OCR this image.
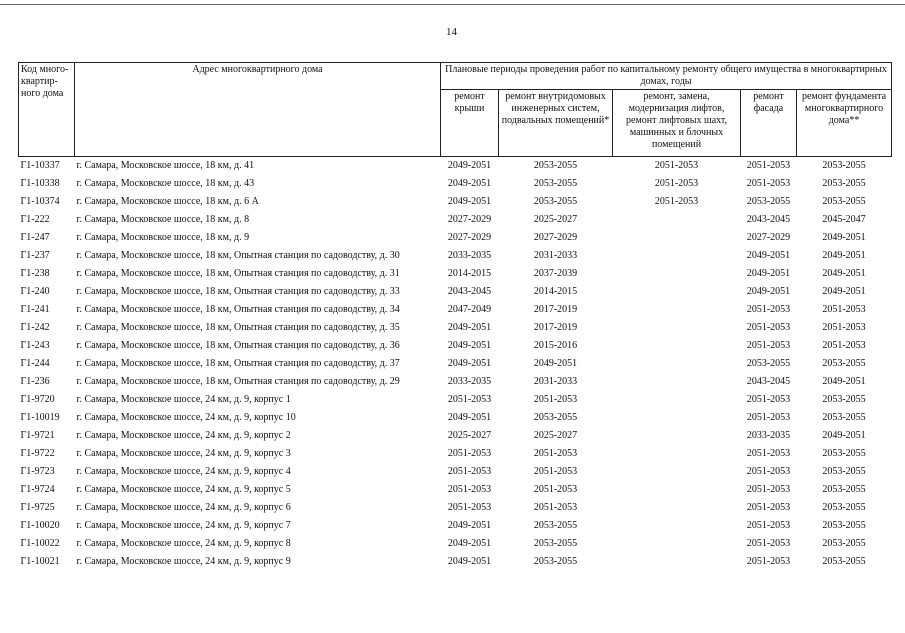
14
Код много-квартир-ного дома	Адрес многоквартирного дома	Плановые периоды проведения работ по капитальному ремонту общего имущества в многоквартирных домах, годы				
		ремонт крыши	ремонт внутридомовых инженерных систем, подвальных помещений*	ремонт, замена, модернизация лифтов, ремонт лифтовых шахт, машинных и блочных помещений	ремонт фасада	ремонт фундамента многоквартирного дома**
Г1-10337	г. Самара, Московское шоссе, 18 км, д. 41	2049-2051	2053-2055	2051-2053	2051-2053	2053-2055
Г1-10338	г. Самара, Московское шоссе, 18 км, д. 43	2049-2051	2053-2055	2051-2053	2051-2053	2053-2055
Г1-10374	г. Самара, Московское шоссе, 18 км, д. 6 А	2049-2051	2053-2055	2051-2053	2053-2055	2053-2055
Г1-222	г. Самара, Московское шоссе, 18 км, д. 8	2027-2029	2025-2027		2043-2045	2045-2047
Г1-247	г. Самара, Московское шоссе, 18 км, д. 9	2027-2029	2027-2029		2027-2029	2049-2051
Г1-237	г. Самара, Московское шоссе, 18 км, Опытная станция по садоводству, д. 30	2033-2035	2031-2033		2049-2051	2049-2051
Г1-238	г. Самара, Московское шоссе, 18 км, Опытная станция по садоводству, д. 31	2014-2015	2037-2039		2049-2051	2049-2051
Г1-240	г. Самара, Московское шоссе, 18 км, Опытная станция по садоводству, д. 33	2043-2045	2014-2015		2049-2051	2049-2051
Г1-241	г. Самара, Московское шоссе, 18 км, Опытная станция по садоводству, д. 34	2047-2049	2017-2019		2051-2053	2051-2053
Г1-242	г. Самара, Московское шоссе, 18 км, Опытная станция по садоводству, д. 35	2049-2051	2017-2019		2051-2053	2051-2053
Г1-243	г. Самара, Московское шоссе, 18 км, Опытная станция по садоводству, д. 36	2049-2051	2015-2016		2051-2053	2051-2053
Г1-244	г. Самара, Московское шоссе, 18 км, Опытная станция по садоводству, д. 37	2049-2051	2049-2051		2053-2055	2053-2055
Г1-236	г. Самара, Московское шоссе, 18 км, Опытная станция по садоводству, д. 29	2033-2035	2031-2033		2043-2045	2049-2051
Г1-9720	г. Самара, Московское шоссе, 24 км, д. 9, корпус 1	2051-2053	2051-2053		2051-2053	2053-2055
Г1-10019	г. Самара, Московское шоссе, 24 км, д. 9, корпус 10	2049-2051	2053-2055		2051-2053	2053-2055
Г1-9721	г. Самара, Московское шоссе, 24 км, д. 9, корпус 2	2025-2027	2025-2027		2033-2035	2049-2051
Г1-9722	г. Самара, Московское шоссе, 24 км, д. 9, корпус 3	2051-2053	2051-2053		2051-2053	2053-2055
Г1-9723	г. Самара, Московское шоссе, 24 км, д. 9, корпус 4	2051-2053	2051-2053		2051-2053	2053-2055
Г1-9724	г. Самара, Московское шоссе, 24 км, д. 9, корпус 5	2051-2053	2051-2053		2051-2053	2053-2055
Г1-9725	г. Самара, Московское шоссе, 24 км, д. 9, корпус 6	2051-2053	2051-2053		2051-2053	2053-2055
Г1-10020	г. Самара, Московское шоссе, 24 км, д. 9, корпус 7	2049-2051	2053-2055		2051-2053	2053-2055
Г1-10022	г. Самара, Московское шоссе, 24 км, д. 9, корпус 8	2049-2051	2053-2055		2051-2053	2053-2055
Г1-10021	г. Самара, Московское шоссе, 24 км, д. 9, корпус 9	2049-2051	2053-2055		2051-2053	2053-2055
